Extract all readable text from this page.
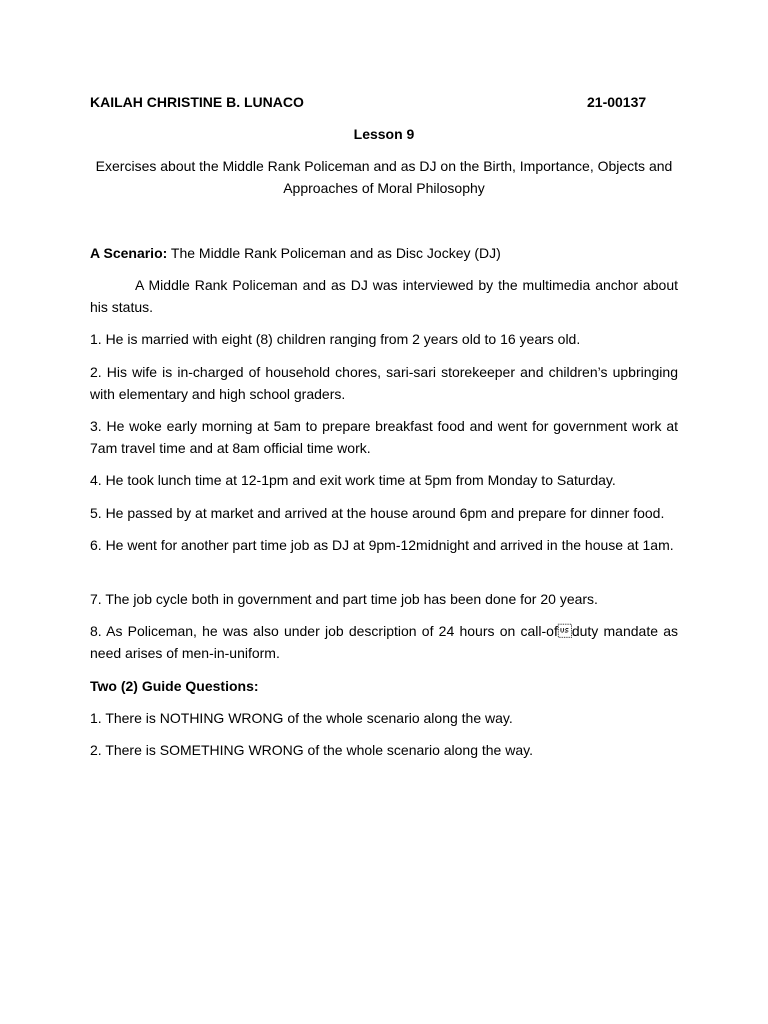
KAILAH CHRISTINE B. LUNACO	21-00137

Lesson 9

Exercises about the Middle Rank Policeman and as DJ on the Birth, Importance, Objects and Approaches of Moral Philosophy

A Scenario: The Middle Rank Policeman and as Disc Jockey (DJ)

A Middle Rank Policeman and as DJ was interviewed by the multimedia anchor about his status.

1. He is married with eight (8) children ranging from 2 years old to 16 years old.

2. His wife is in-charged of household chores, sari-sari storekeeper and children’s upbringing with elementary and high school graders.

3. He woke early morning at 5am to prepare breakfast food and went for government work at 7am travel time and at 8am official time work.

4. He took lunch time at 12-1pm and exit work time at 5pm from Monday to Saturday.

5. He passed by at market and arrived at the house around 6pm and prepare for dinner food.

6. He went for another part time job as DJ at 9pm-12midnight and arrived in the house at 1am.

7. The job cycle both in government and part time job has been done for 20 years.

8. As Policeman, he was also under job description of 24 hours on call-ofduty mandate as need arises of men-in-uniform.

Two (2) Guide Questions:

1. There is NOTHING WRONG of the whole scenario along the way.

2. There is SOMETHING WRONG of the whole scenario along the way.
